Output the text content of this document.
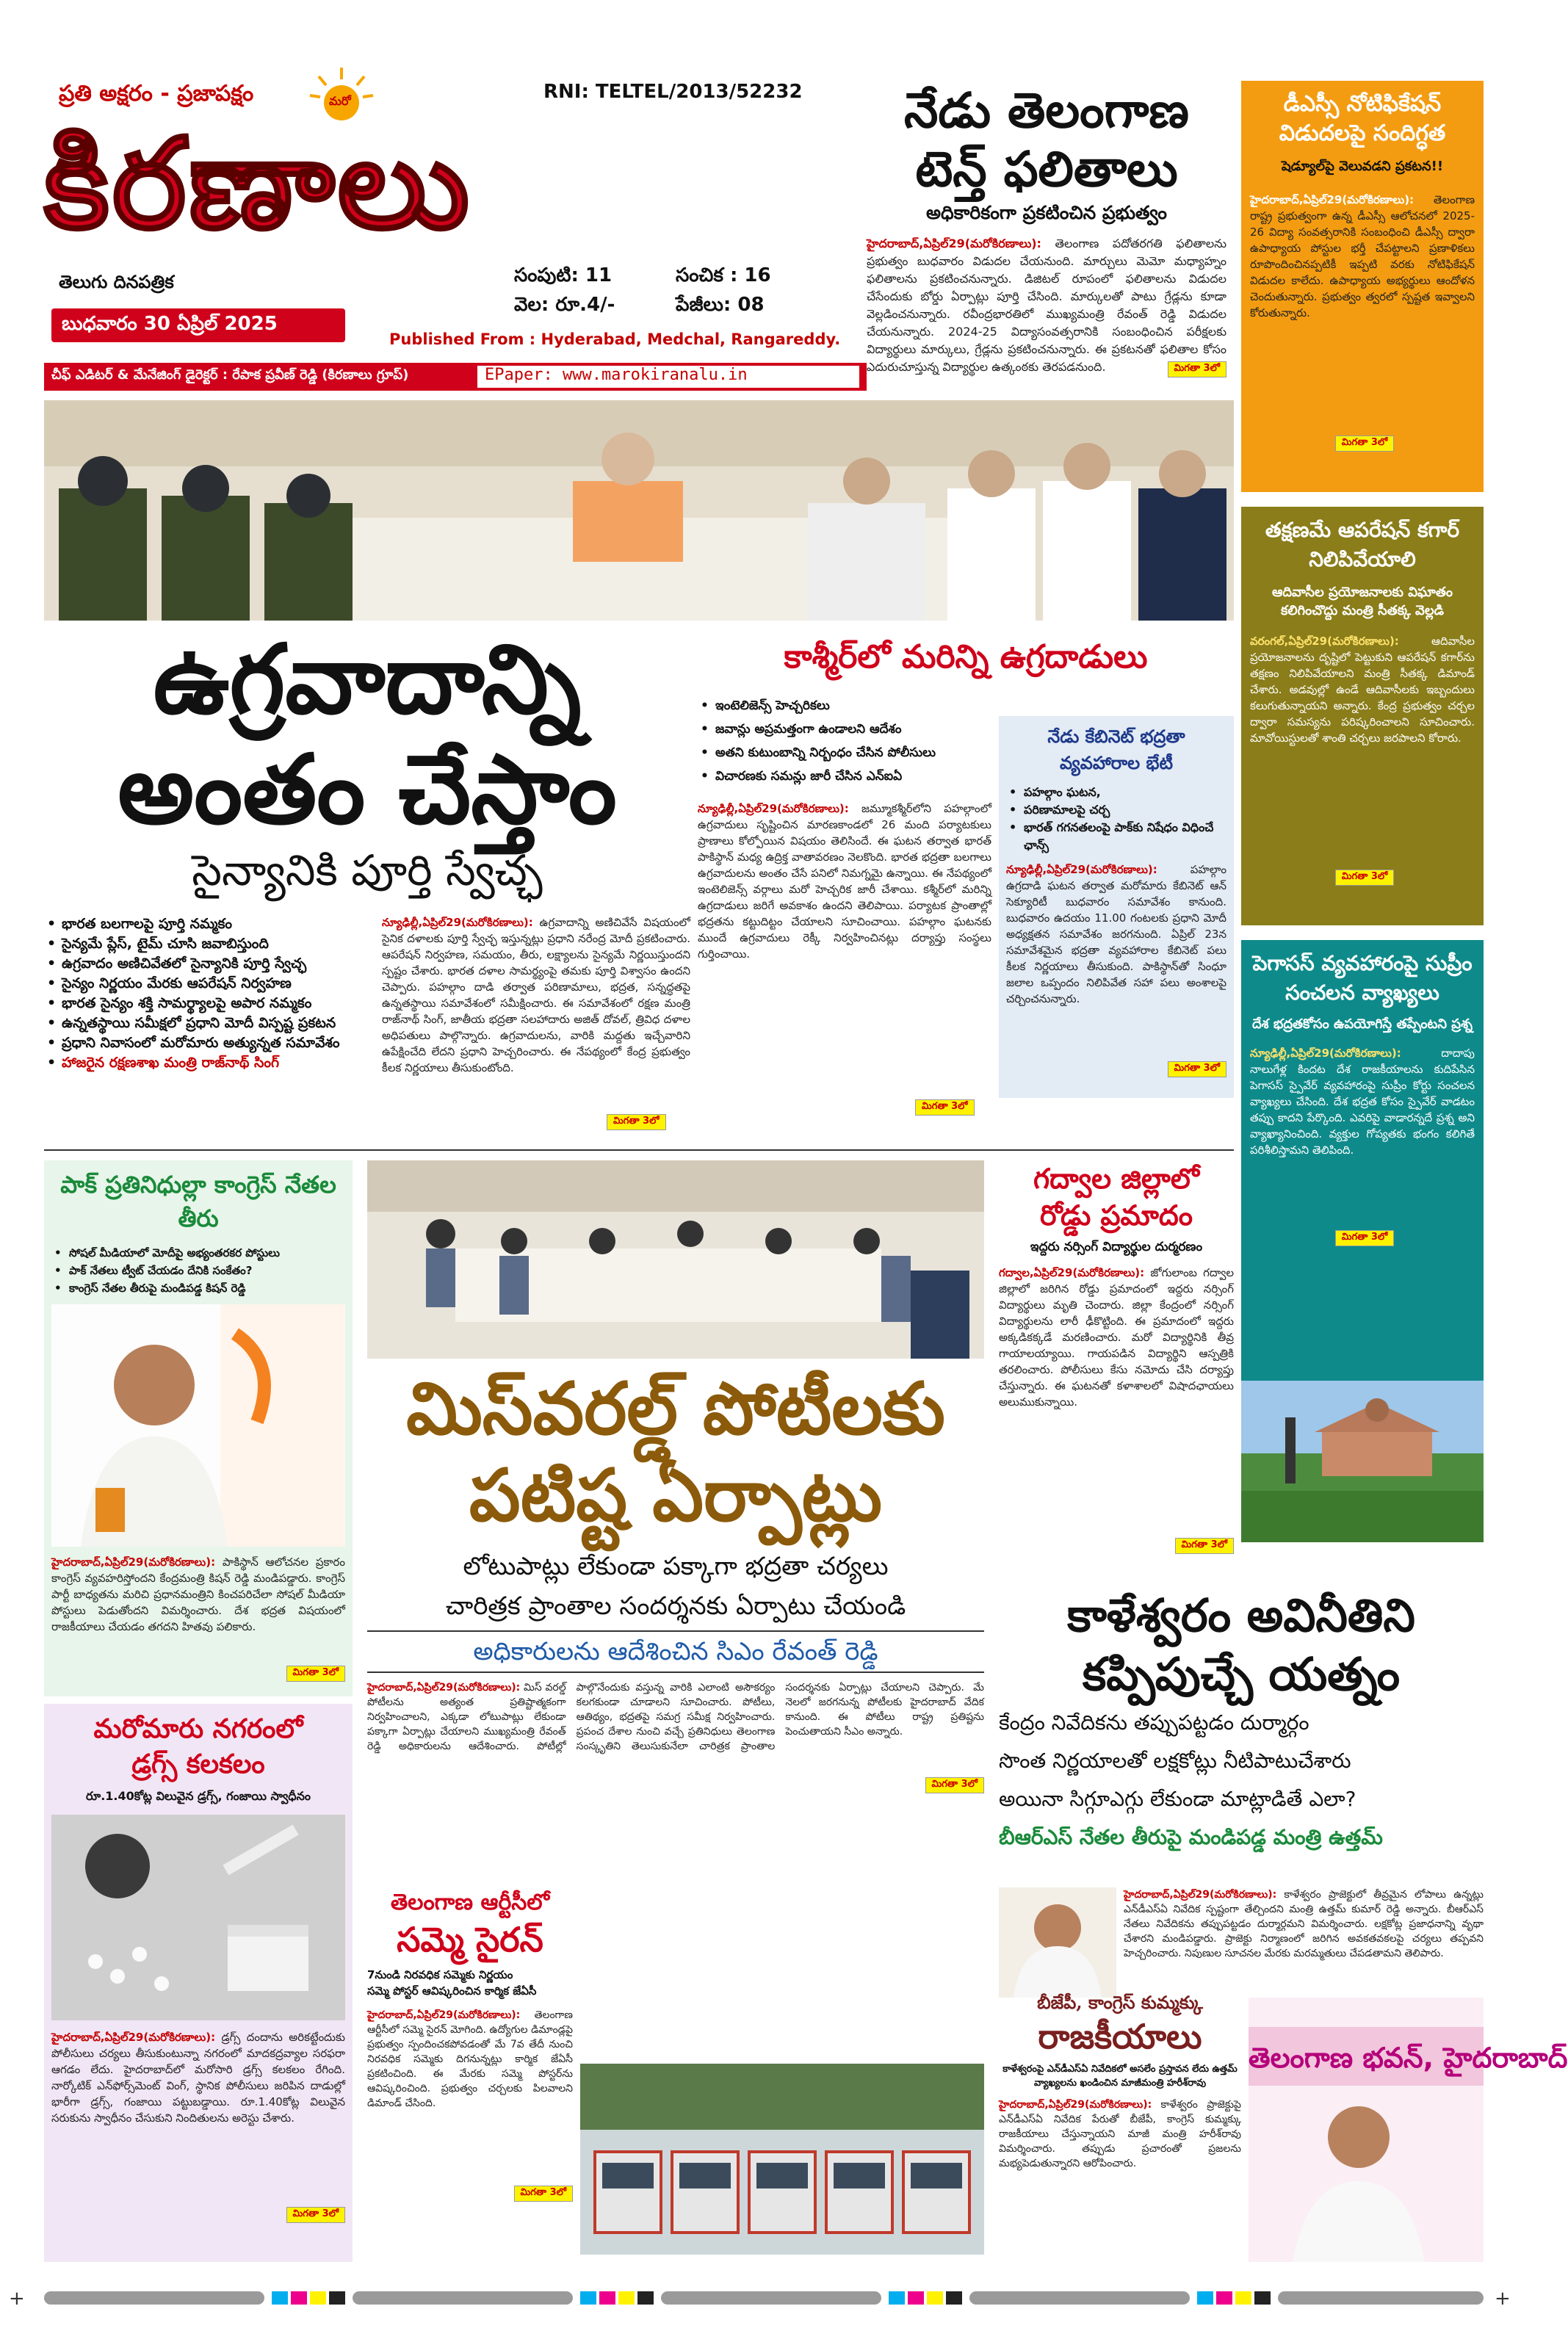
ప్రతి అక్షరం - ప్రజాపక్షం	మరో	RNI: TELTEL/2013/52232
కిరణాలు
తెలుగు దినపత్రిక
బుధవారం 30 ఏప్రిల్ 2025
సంపుటి: 11	సంచిక : 16
వెల: రూ.4/-	పేజీలు: 08
Published From : Hyderabad, Medchal, Rangareddy.
చీఫ్ ఎడిటర్ & మేనేజింగ్ డైరెక్టర్ : రేపాక ప్రవీణ్ రెడ్డి (కిరణాలు గ్రూప్)	EPaper: www.marokiranalu.in
నేడు తెలంగాణ
టెన్త్ ఫలితాలు
అధికారికంగా ప్రకటించిన ప్రభుత్వం
హైదరాబాద్,ఏప్రిల్29(మరోకిరణాలు): తెలంగాణ పదోతరగతి ఫలితాలను ప్రభుత్వం బుధవారం విడుదల చేయనుంది. మార్చులు మెమో మధ్యాహ్నం ఫలితాలను ప్రకటించనున్నారు. డిజిటల్ రూపంలో ఫలితాలను విడుదల చేసేందుకు బోర్డు ఏర్పాట్లు పూర్తి చేసింది. మార్కులతో పాటు గ్రేడ్లను కూడా వెల్లడించనున్నారు. రవీంద్రభారతిలో ముఖ్యమంత్రి రేవంత్ రెడ్డి విడుదల చేయనున్నారు. 2024-25 విద్యాసంవత్సరానికి సంబంధించిన పరీక్షలకు విద్యార్థులు మార్కులు, గ్రేడ్లను ప్రకటించనున్నారు. ఈ ప్రకటనతో ఫలితాల కోసం ఎదురుచూస్తున్న విద్యార్థుల ఉత్కంఠకు తెరపడనుంది.	మిగతా 3లో
డీఎస్సీ నోటిఫికేషన్ విడుదలపై సందిగ్ధత
షెడ్యూల్‌పై వెలువడని ప్రకటన!!
హైదరాబాద్,ఏప్రిల్29(మరోకిరణాలు): తెలంగాణ రాష్ట్ర ప్రభుత్వంగా ఉన్న డీఎస్సీ ఆలోచనలో 2025-26 విద్యా సంవత్సరానికి సంబంధించి డీఎస్సీ ద్వారా ఉపాధ్యాయ పోస్టుల భర్తీ చేపట్టాలని ప్రణాళికలు రూపొందించినప్పటికీ ఇప్పటి వరకు నోటిఫికేషన్ విడుదల కాలేదు. ఉపాధ్యాయ అభ్యర్థులు ఆందోళన చెందుతున్నారు. ప్రభుత్వం త్వరలో స్పష్టత ఇవ్వాలని కోరుతున్నారు.
మిగతా 3లో
తక్షణమే ఆపరేషన్ కగార్ నిలిపివేయాలి
ఆదివాసీల ప్రయోజనాలకు విఘాతం కలిగించొద్దు మంత్రి సీతక్క వెల్లడి
వరంగల్,ఏప్రిల్29(మరోకిరణాలు):	ఆదివాసీల ప్రయోజనాలను దృష్టిలో పెట్టుకుని ఆపరేషన్ కగార్‌ను తక్షణం నిలిపివేయాలని మంత్రి సీతక్క డిమాండ్ చేశారు. అడవుల్లో ఉండే ఆదివాసీలకు ఇబ్బందులు కలుగుతున్నాయని అన్నారు. కేంద్ర ప్రభుత్వం చర్చల ద్వారా సమస్యను పరిష్కరించాలని సూచించారు. మావోయిస్టులతో శాంతి చర్చలు జరపాలని కోరారు.
మిగతా 3లో
పెగాసస్ వ్యవహారంపై సుప్రీం సంచలన వ్యాఖ్యలు
దేశ భద్రతకోసం ఉపయోగిస్తే తప్పేంటని ప్రశ్న
న్యూఢిల్లీ,ఏప్రిల్29(మరోకిరణాలు):	దాదాపు నాలుగేళ్ల కిందట దేశ రాజకీయాలను కుదిపేసిన పెగాసస్ స్పైవేర్ వ్యవహారంపై సుప్రీం కోర్టు సంచలన వ్యాఖ్యలు చేసింది. దేశ భద్రత కోసం స్పైవేర్ వాడటం తప్పు కాదని పేర్కొంది. ఎవరిపై వాడారన్నదే ప్రశ్న అని వ్యాఖ్యానించింది. వ్యక్తుల గోప్యతకు భంగం కలిగితే పరిశీలిస్తామని తెలిపింది.
మిగతా 3లో
ఉగ్రవాదాన్ని
అంతం చేస్తాం
సైన్యానికి పూర్తి స్వేచ్ఛ
• భారత బలగాలపై పూర్తి నమ్మకం
• సైన్యమే ప్లేస్, టైమ్ చూసి జవాబిస్తుంది
• ఉగ్రవాదం అణిచివేతలో సైన్యానికి పూర్తి స్వేచ్ఛ
• సైన్యం నిర్ణయం మేరకు ఆపరేషన్ నిర్వహణ
• భారత సైన్యం శక్తి సామర్థ్యాలపై అపార నమ్మకం
• ఉన్నతస్థాయి సమీక్షలో ప్రధాని మోదీ విస్పష్ట ప్రకటన
• ప్రధాని నివాసంలో మరోమారు అత్యున్నత సమావేశం
• హాజరైన రక్షణశాఖ మంత్రి రాజ్‌నాథ్ సింగ్
న్యూఢిల్లీ,ఏప్రిల్29(మరోకిరణాలు): ఉగ్రవాదాన్ని అణిచివేసే విషయంలో సైనిక దళాలకు పూర్తి స్వేచ్ఛ ఇస్తున్నట్లు ప్రధాని నరేంద్ర మోదీ ప్రకటించారు. ఆపరేషన్ నిర్వహణ, సమయం, తీరు, లక్ష్యాలను సైన్యమే నిర్ణయిస్తుందని స్పష్టం చేశారు. భారత దళాల సామర్థ్యంపై తమకు పూర్తి విశ్వాసం ఉందని చెప్పారు. పహల్గాం దాడి తర్వాత పరిణామాలు, భద్రత, సన్నద్ధతపై ఉన్నతస్థాయి సమావేశంలో సమీక్షించారు. ఈ సమావేశంలో రక్షణ మంత్రి రాజ్‌నాథ్ సింగ్, జాతీయ భద్రతా సలహాదారు అజిత్ దోవల్, త్రివిధ దళాల అధిపతులు పాల్గొన్నారు. ఉగ్రవాదులను, వారికి మద్దతు ఇచ్చేవారిని ఉపేక్షించేది లేదని ప్రధాని హెచ్చరించారు. ఈ నేపథ్యంలో కేంద్ర ప్రభుత్వం కీలక నిర్ణయాలు తీసుకుంటోంది.
మిగతా 3లో
కాశ్మీర్‌లో మరిన్ని ఉగ్రదాడులు
• ఇంటెలిజెన్స్ హెచ్చరికలు
• జవాన్లు అప్రమత్తంగా ఉండాలని ఆదేశం
• అతని కుటుంబాన్ని నిర్బంధం చేసిన పోలీసులు
• విచారణకు సమన్లు జారీ చేసిన ఎన్ఐఏ
న్యూఢిల్లీ,ఏప్రిల్29(మరోకిరణాలు): జమ్మూకశ్మీర్‌లోని పహల్గాంలో ఉగ్రవాదులు సృష్టించిన మారణకాండలో 26 మంది పర్యాటకులు ప్రాణాలు కోల్పోయిన విషయం తెలిసిందే. ఈ ఘటన తర్వాత భారత్ పాకిస్థాన్ మధ్య ఉద్రిక్త వాతావరణం నెలకొంది. భారత భద్రతా బలగాలు ఉగ్రవాదులను అంతం చేసే పనిలో నిమగ్నమై ఉన్నాయి. ఈ నేపథ్యంలో ఇంటెలిజెన్స్ వర్గాలు మరో హెచ్చరిక జారీ చేశాయి. కశ్మీర్‌లో మరిన్ని ఉగ్రదాడులు జరిగే అవకాశం ఉందని తెలిపాయి. పర్యాటక ప్రాంతాల్లో భద్రతను కట్టుదిట్టం చేయాలని సూచించాయి. పహల్గాం ఘటనకు ముందే ఉగ్రవాదులు రెక్కీ నిర్వహించినట్లు దర్యాప్తు సంస్థలు గుర్తించాయి.
మిగతా 3లో
నేడు కేబినెట్ భద్రతా వ్యవహారాల భేటీ
• పహల్గాం ఘటన,
• పరిణామాలపై చర్చ
• భారత్ గగనతలంపై పాక్‌కు నిషేధం విధించే ఛాన్స్
న్యూఢిల్లీ,ఏప్రిల్29(మరోకిరణాలు):	పహల్గాం ఉగ్రదాడి ఘటన తర్వాత మరోమారు కేబినెట్ ఆన్ సెక్యూరిటీ బుధవారం సమావేశం కానుంది. బుధవారం ఉదయం 11.00 గంటలకు ప్రధాని మోదీ అధ్యక్షతన సమావేశం జరగనుంది. ఏప్రిల్ 23న సమావేశమైన భద్రతా వ్యవహారాల కేబినెట్ పలు కీలక నిర్ణయాలు తీసుకుంది. పాకిస్థాన్‌తో సింధూ జలాల ఒప్పందం నిలిపివేత సహా పలు అంశాలపై చర్చించనున్నారు.
మిగతా 3లో
పాక్ ప్రతినిధుల్లా కాంగ్రెస్ నేతల తీరు
• సోషల్ మీడియాలో మోదీపై అభ్యంతరకర పోస్టులు
• పాక్ నేతలు ట్వీట్ చేయడం దేనికి సంకేతం?
• కాంగ్రెస్ నేతల తీరుపై మండిపడ్డ కిషన్ రెడ్డి
హైదరాబాద్,ఏప్రిల్29(మరోకిరణాలు): పాకిస్థాన్ ఆలోచనల ప్రకారం కాంగ్రెస్ వ్యవహరిస్తోందని కేంద్రమంత్రి కిషన్ రెడ్డి మండిపడ్డారు. కాంగ్రెస్ పార్టీ బాధ్యతను మరిచి ప్రధానమంత్రిని కించపరిచేలా సోషల్ మీడియా పోస్టులు పెడుతోందని విమర్శించారు. దేశ భద్రత విషయంలో రాజకీయాలు చేయడం తగదని హితవు పలికారు.
మిగతా 3లో
మిస్‌వరల్డ్ పోటీలకు
పటిష్ట ఏర్పాట్లు
లోటుపాట్లు లేకుండా పక్కాగా భద్రతా చర్యలు
చారిత్రక ప్రాంతాల సందర్శనకు ఏర్పాటు చేయండి
అధికారులను ఆదేశించిన సిఎం రేవంత్ రెడ్డి
హైదరాబాద్,ఏప్రిల్29(మరోకిరణాలు): మిస్ వరల్డ్ పోటీలను అత్యంత ప్రతిష్టాత్మకంగా నిర్వహించాలని, ఎక్కడా లోటుపాట్లు లేకుండా పక్కాగా ఏర్పాట్లు చేయాలని ముఖ్యమంత్రి రేవంత్ రెడ్డి అధికారులను ఆదేశించారు. పోటీల్లో పాల్గొనేందుకు వస్తున్న వారికి ఎలాంటి అసౌకర్యం కలగకుండా చూడాలని సూచించారు. పోటీలు, ఆతిథ్యం, భద్రతపై సమగ్ర సమీక్ష నిర్వహించారు. ప్రపంచ దేశాల నుంచి వచ్చే ప్రతినిధులు తెలంగాణ సంస్కృతిని తెలుసుకునేలా చారిత్రక ప్రాంతాల సందర్శనకు ఏర్పాట్లు చేయాలని చెప్పారు. మే నెలలో జరగనున్న పోటీలకు హైదరాబాద్ వేదిక కానుంది. ఈ పోటీలు రాష్ట్ర ప్రతిష్టను పెంచుతాయని సీఎం అన్నారు.
మిగతా 3లో
గద్వాల జిల్లాలో
రోడ్డు ప్రమాదం
ఇద్దరు నర్సింగ్ విద్యార్థుల దుర్మరణం
గద్వాల,ఏప్రిల్29(మరోకిరణాలు): జోగులాంబ గద్వాల జిల్లాలో జరిగిన రోడ్డు ప్రమాదంలో ఇద్దరు నర్సింగ్ విద్యార్థులు మృతి చెందారు. జిల్లా కేంద్రంలో నర్సింగ్ విద్యార్థులను లారీ ఢీకొట్టింది. ఈ ప్రమాదంలో ఇద్దరు అక్కడికక్కడే మరణించారు. మరో విద్యార్థినికి తీవ్ర గాయాలయ్యాయి. గాయపడిన విద్యార్థిని ఆస్పత్రికి తరలించారు. పోలీసులు కేసు నమోదు చేసి దర్యాప్తు చేస్తున్నారు. ఈ ఘటనతో కళాశాలలో విషాదఛాయలు అలుముకున్నాయి.
మిగతా 3లో
కాళేశ్వరం అవినీతిని
కప్పిపుచ్చే యత్నం
కేంద్రం నివేదికను తప్పుపట్టడం దుర్మార్గం
సొంత నిర్ణయాలతో లక్షకోట్లు నీటిపాటుచేశారు
అయినా సిగ్గూఎగ్గు లేకుండా మాట్లాడితే ఎలా?
బీఆర్ఎస్ నేతల తీరుపై మండిపడ్డ మంత్రి ఉత్తమ్
హైదరాబాద్,ఏప్రిల్29(మరోకిరణాలు): కాళేశ్వరం ప్రాజెక్టులో తీవ్రమైన లోపాలు ఉన్నట్లు ఎన్‌డీఎస్‌ఏ నివేదిక స్పష్టంగా తేల్చిందని మంత్రి ఉత్తమ్ కుమార్ రెడ్డి అన్నారు. బీఆర్ఎస్ నేతలు నివేదికను తప్పుపట్టడం దుర్మార్గమని విమర్శించారు. లక్షకోట్ల ప్రజాధనాన్ని వృథా చేశారని మండిపడ్డారు. ప్రాజెక్టు నిర్మాణంలో జరిగిన అవకతవకలపై చర్యలు తప్పవని హెచ్చరించారు. నిపుణుల సూచనల మేరకు మరమ్మతులు చేపడతామని తెలిపారు.
మరోమారు నగరంలో
డ్రగ్స్ కలకలం
రూ.1.40కోట్ల విలువైన డ్రగ్స్, గంజాయి స్వాధీనం
హైదరాబాద్,ఏప్రిల్29(మరోకిరణాలు): డ్రగ్స్ దందాను అరికట్టేందుకు పోలీసులు చర్యలు తీసుకుంటున్నా నగరంలో మాదకద్రవ్యాల సరఫరా ఆగడం లేదు. హైదరాబాద్‌లో మరోసారి డ్రగ్స్ కలకలం రేగింది. నార్కోటిక్ ఎన్‌ఫోర్స్‌మెంట్ వింగ్, స్థానిక పోలీసులు జరిపిన దాడుల్లో భారీగా డ్రగ్స్, గంజాయి పట్టుబడ్డాయి. రూ.1.40కోట్ల విలువైన సరుకును స్వాధీనం చేసుకుని నిందితులను అరెస్టు చేశారు.
మిగతా 3లో
తెలంగాణ ఆర్టీసీలో
సమ్మె సైరన్
7నుండి నిరవధిక సమ్మెకు నిర్ణయం
సమ్మె పోస్టర్ ఆవిష్కరించిన కార్మిక జేఏసీ
హైదరాబాద్,ఏప్రిల్29(మరోకిరణాలు): తెలంగాణ ఆర్టీసీలో సమ్మె సైరన్ మోగింది. ఉద్యోగుల డిమాండ్లపై ప్రభుత్వం స్పందించకపోవడంతో మే 7వ తేదీ నుంచి నిరవధిక సమ్మెకు దిగనున్నట్లు కార్మిక జేఏసీ ప్రకటించింది. ఈ మేరకు సమ్మె పోస్టర్‌ను ఆవిష్కరించింది. ప్రభుత్వం చర్చలకు పిలవాలని డిమాండ్ చేసింది.
మిగతా 3లో
బీజేపీ, కాంగ్రెస్ కుమ్మక్కు
రాజకీయాలు
కాళేశ్వరంపై ఎన్‌డీఎస్ఏ నివేదికలో అసలేం ప్రస్తావన లేదు ఉత్తమ్ వ్యాఖ్యలను ఖండించిన మాజీమంత్రి హరీశ్‌రావు
హైదరాబాద్,ఏప్రిల్29(మరోకిరణాలు): కాళేశ్వరం ప్రాజెక్టుపై ఎన్‌డీఎస్ఏ నివేదిక పేరుతో బీజేపీ, కాంగ్రెస్ కుమ్మక్కు రాజకీయాలు చేస్తున్నాయని మాజీ మంత్రి హరీశ్‌రావు విమర్శించారు. తప్పుడు ప్రచారంతో ప్రజలను మభ్యపెడుతున్నారని ఆరోపించారు.
తెలంగాణ భవన్, హైదరాబాద్
+	+
